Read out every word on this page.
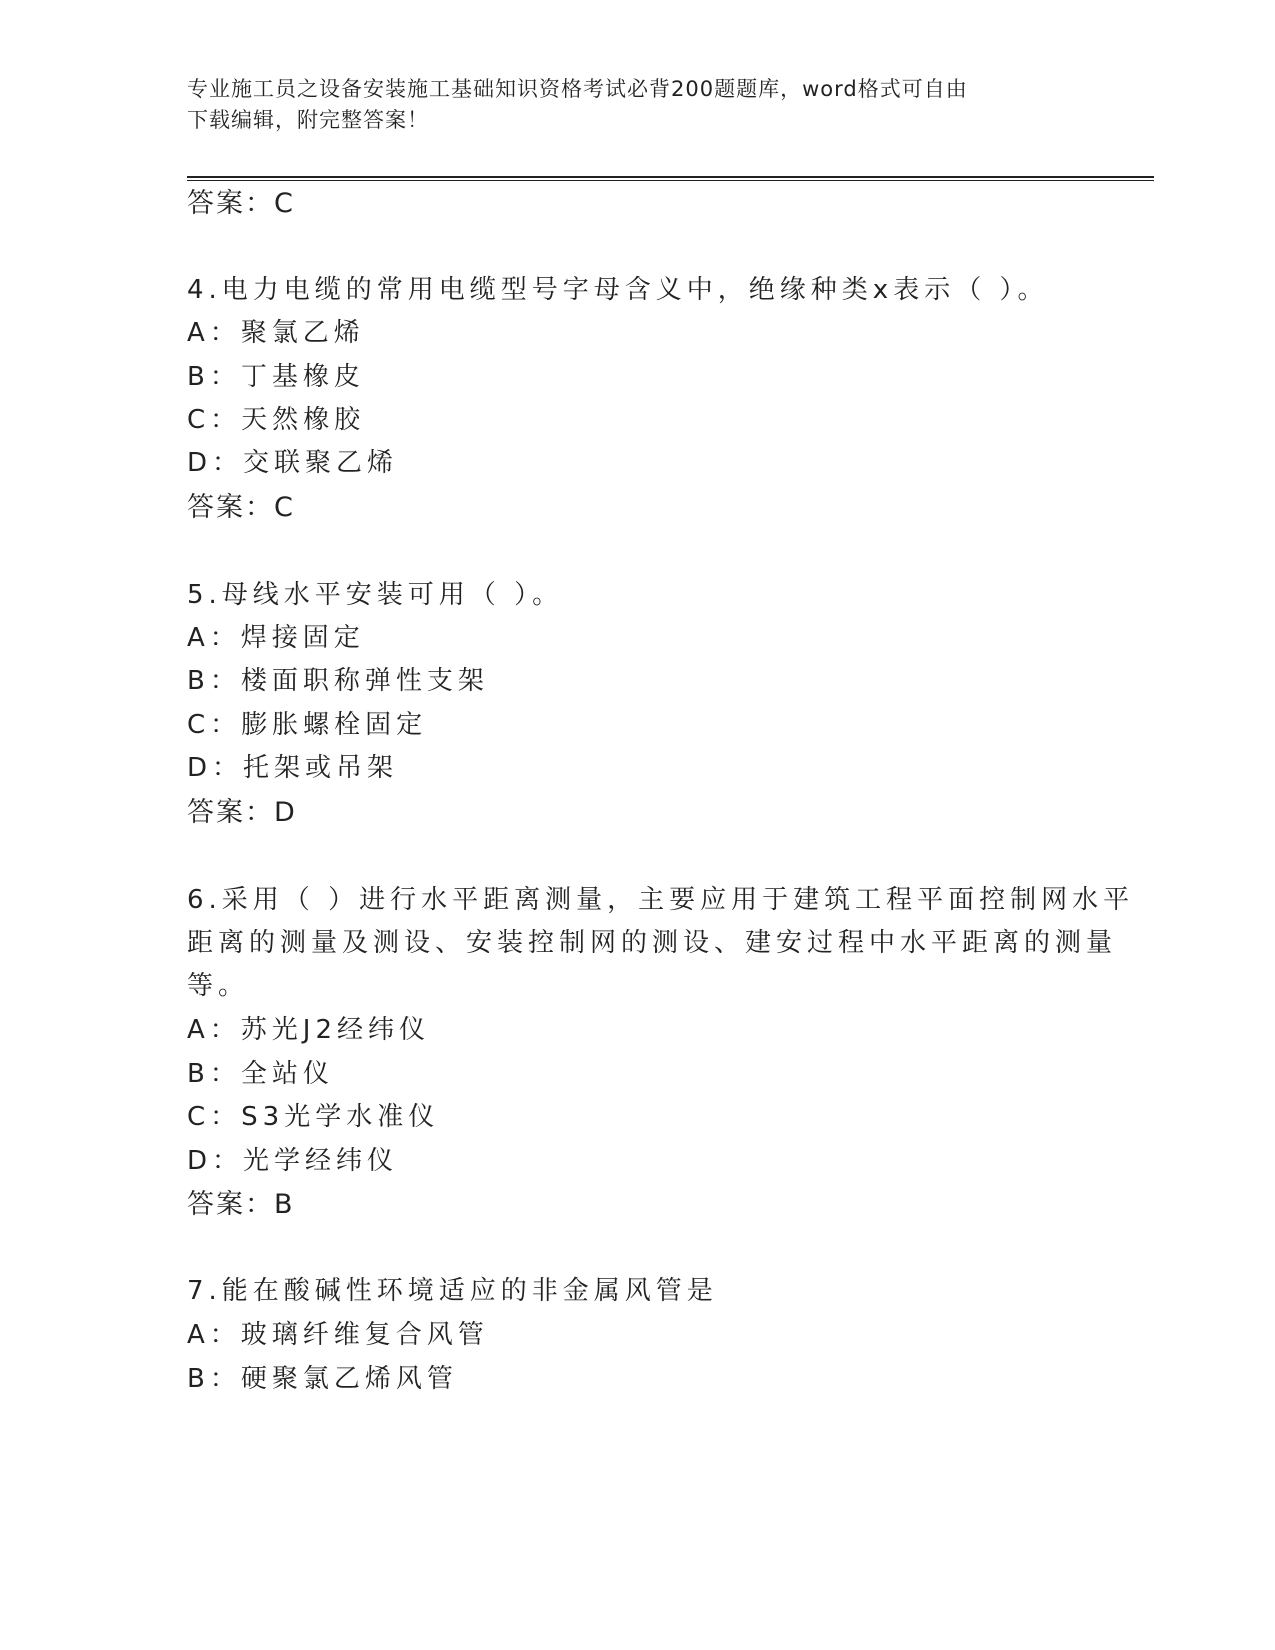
专业施工员之设备安装施工基础知识资格考试必背200题题库，word格式可自由
下载编辑，附完整答案！
答案：C
4.电力电缆的常用电缆型号字母含义中，绝缘种类x表示（ ）。
A：聚氯乙烯
B：丁基橡皮
C：天然橡胶
D：交联聚乙烯
答案：C
5.母线水平安装可用（ ）。
A：焊接固定
B：楼面职称弹性支架
C：膨胀螺栓固定
D：托架或吊架
答案：D
6.采用（ ）进行水平距离测量，主要应用于建筑工程平面控制网水平
距离的测量及测设、安装控制网的测设、建安过程中水平距离的测量
等。
A：苏光J2经纬仪
B：全站仪
C：S3光学水准仪
D：光学经纬仪
答案：B
7.能在酸碱性环境适应的非金属风管是
A：玻璃纤维复合风管
B：硬聚氯乙烯风管
